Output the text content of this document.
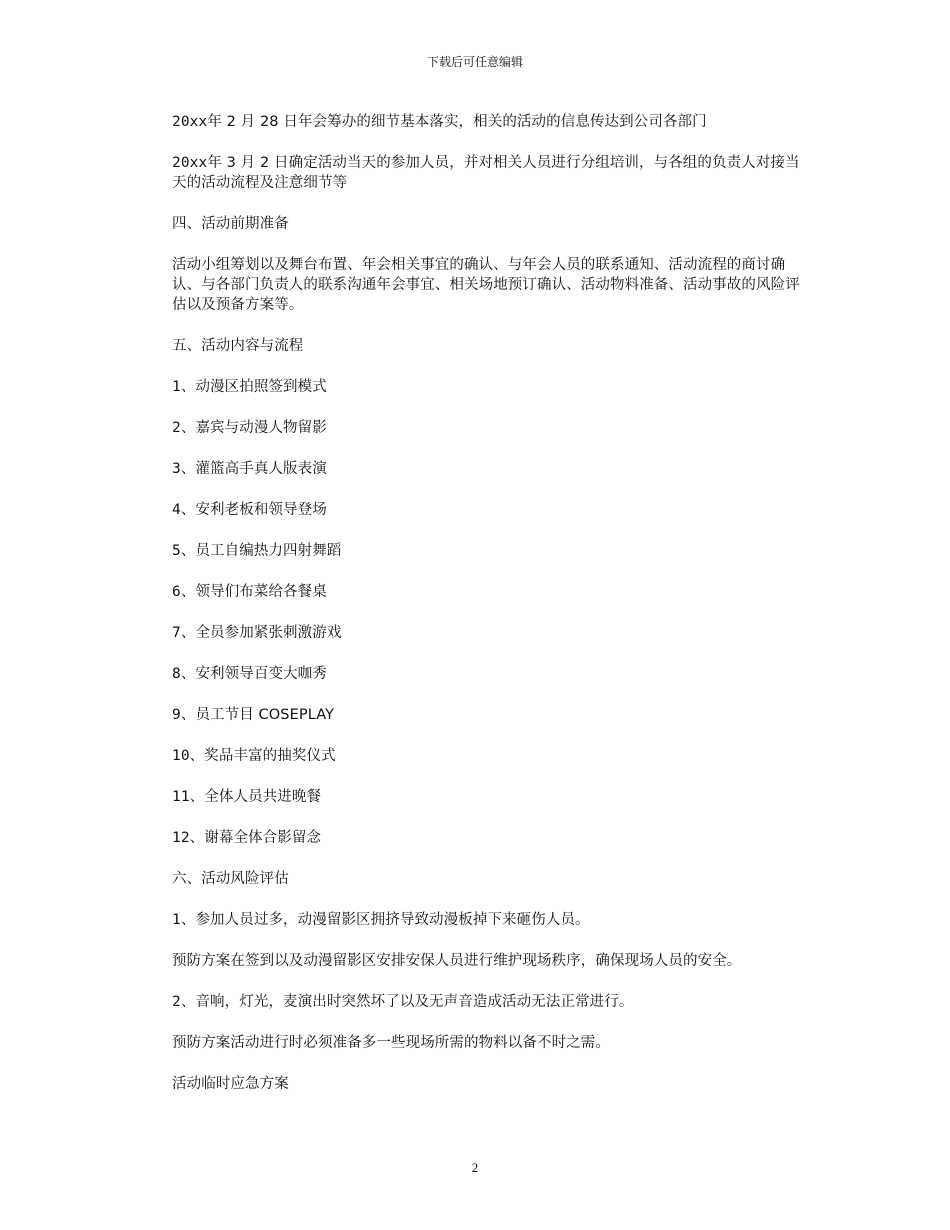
下载后可任意编辑

20xx年 2 月 28 日年会筹办的细节基本落实，相关的活动的信息传达到公司各部门

20xx年 3 月 2 日确定活动当天的参加人员，并对相关人员进行分组培训，与各组的负责人对接当天的活动流程及注意细节等

四、活动前期准备

活动小组筹划以及舞台布置、年会相关事宜的确认、与年会人员的联系通知、活动流程的商讨确认、与各部门负责人的联系沟通年会事宜、相关场地预订确认、活动物料准备、活动事故的风险评估以及预备方案等。

五、活动内容与流程

1、动漫区拍照签到模式

2、嘉宾与动漫人物留影

3、灌篮高手真人版表演

4、安利老板和领导登场

5、员工自编热力四射舞蹈

6、领导们布菜给各餐桌

7、全员参加紧张刺激游戏

8、安利领导百变大咖秀

9、员工节目 COSEPLAY

10、奖品丰富的抽奖仪式

11、全体人员共进晚餐

12、谢幕全体合影留念

六、活动风险评估

1、参加人员过多，动漫留影区拥挤导致动漫板掉下来砸伤人员。

预防方案在签到以及动漫留影区安排安保人员进行维护现场秩序，确保现场人员的安全。

2、音响，灯光，麦演出时突然坏了以及无声音造成活动无法正常进行。

预防方案活动进行时必须准备多一些现场所需的物料以备不时之需。

活动临时应急方案

2
